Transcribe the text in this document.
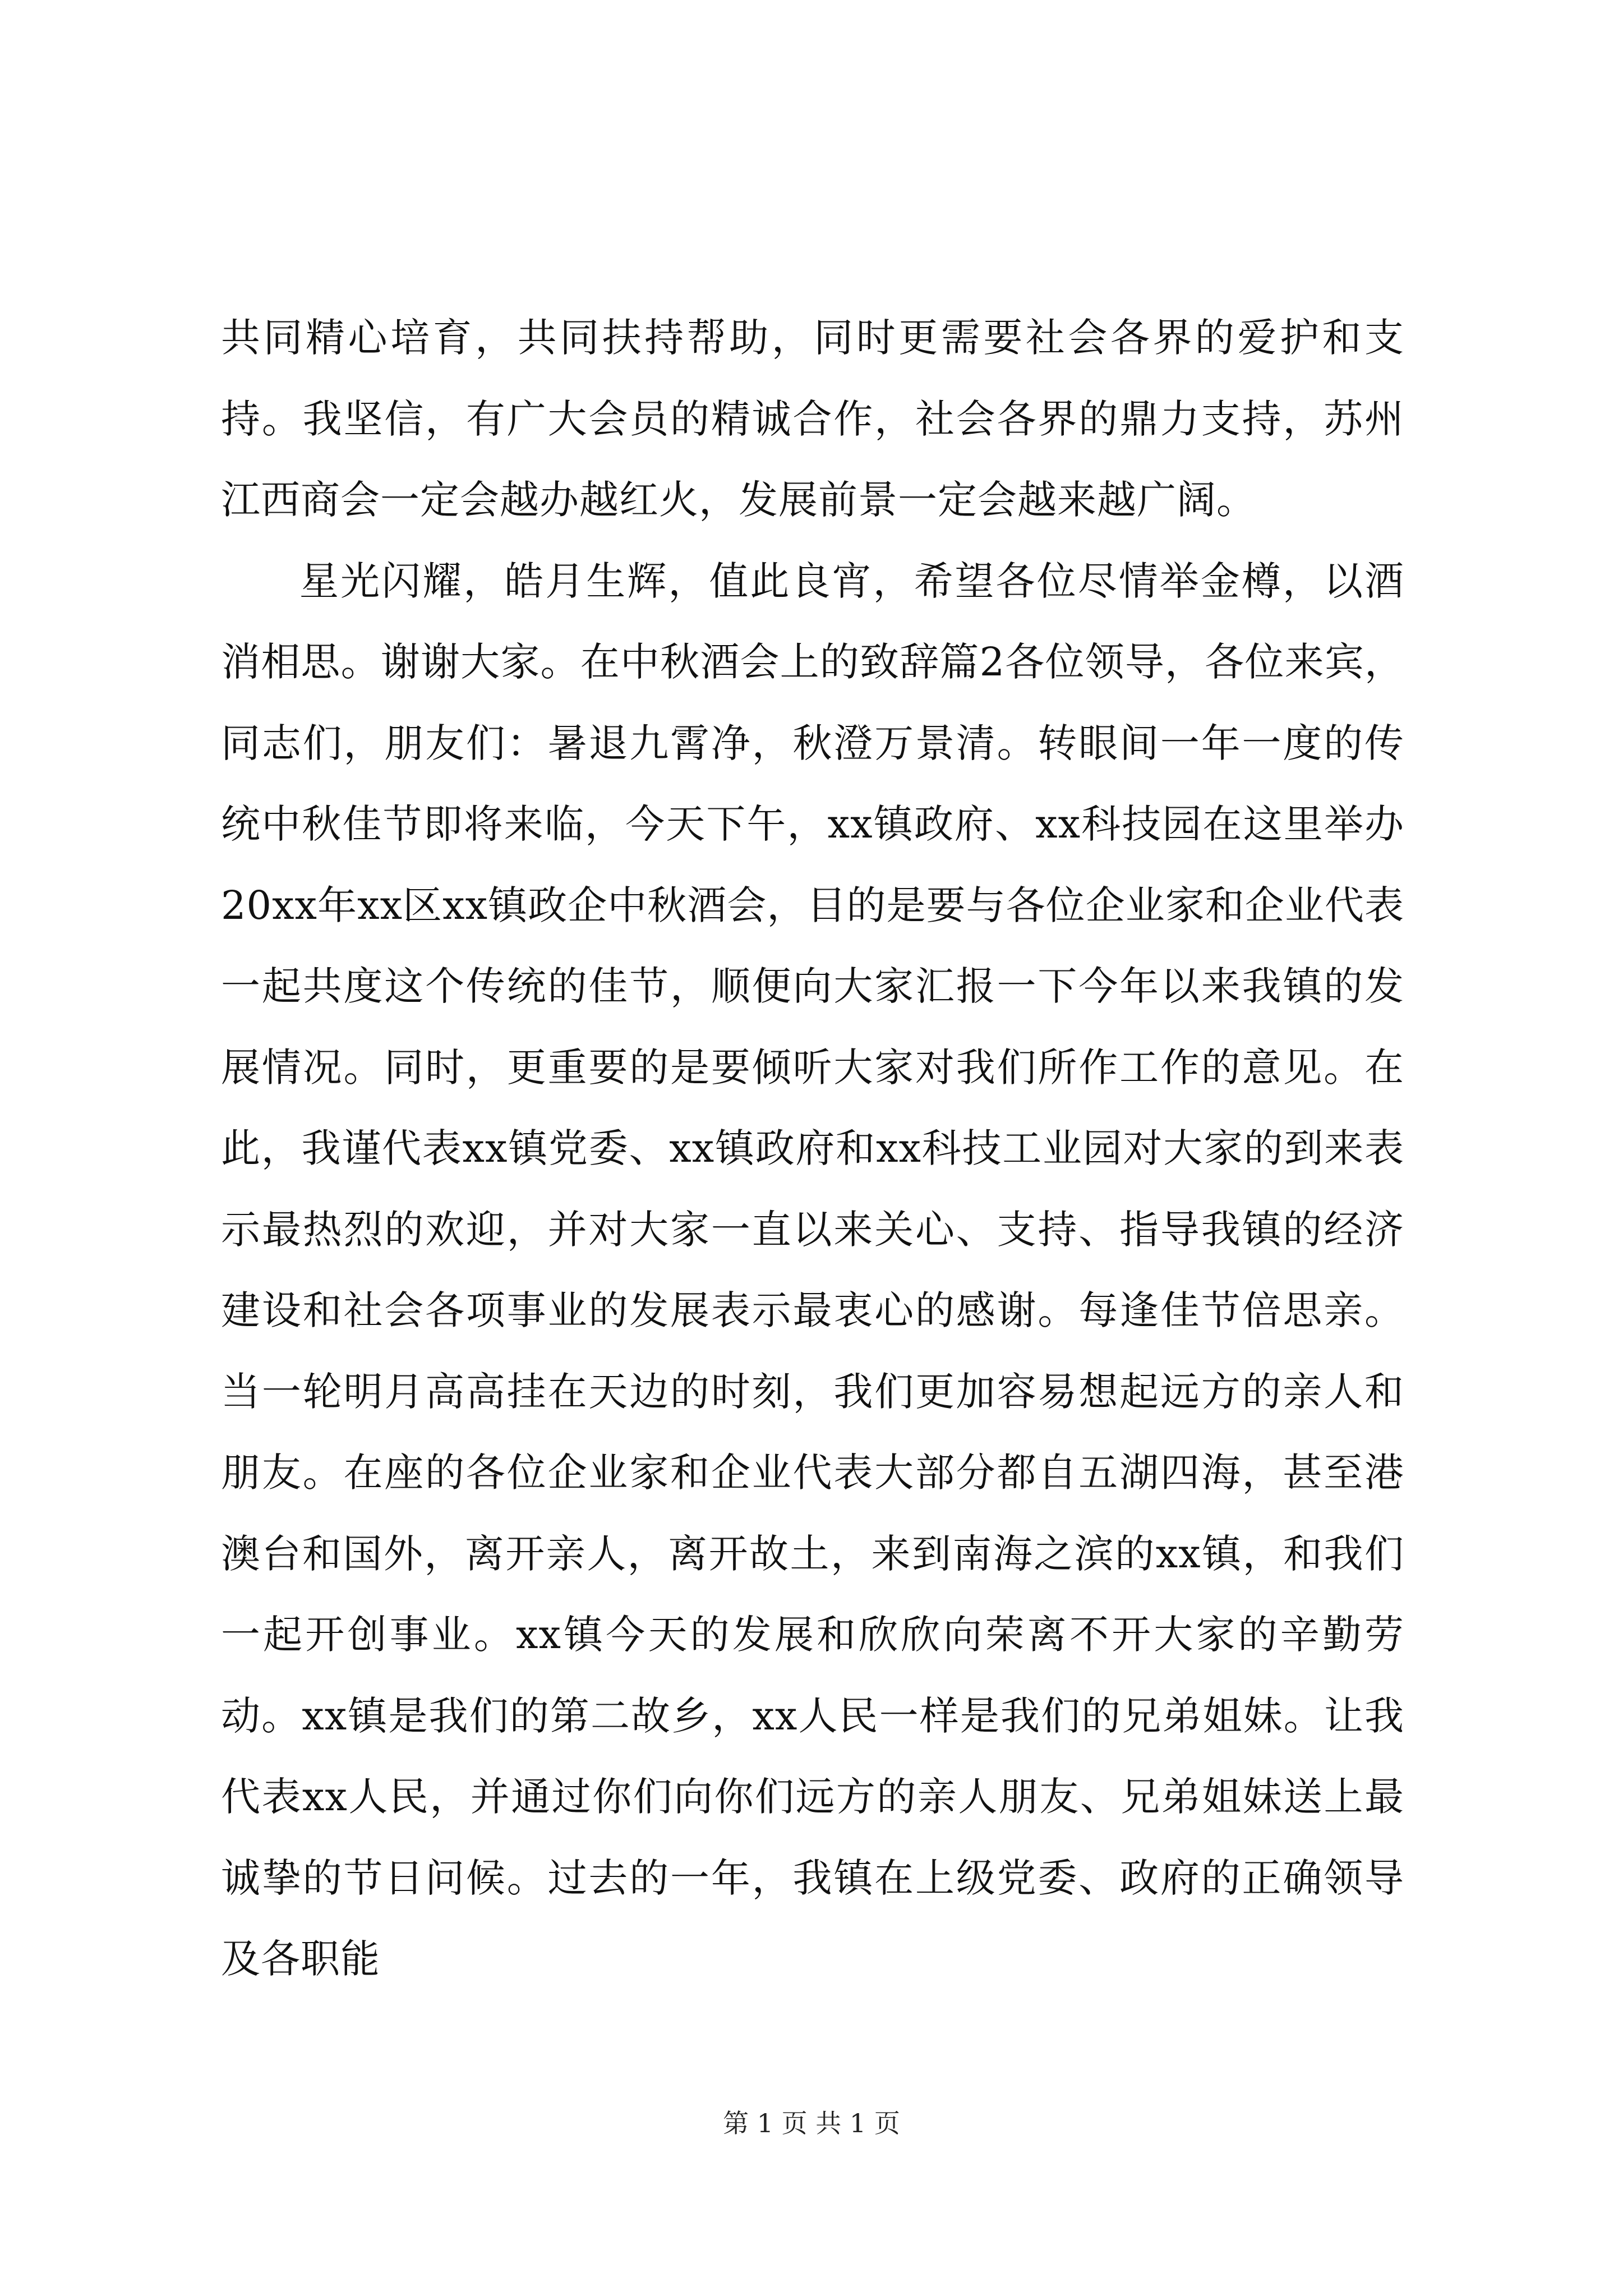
共同精心培育，共同扶持帮助，同时更需要社会各界的爱护和支持。我坚信，有广大会员的精诚合作，社会各界的鼎力支持，苏州江西商会一定会越办越红火，发展前景一定会越来越广阔。

星光闪耀，皓月生辉，值此良宵，希望各位尽情举金樽，以酒消相思。谢谢大家。在中秋酒会上的致辞篇2各位领导，各位来宾，同志们，朋友们：暑退九霄净，秋澄万景清。转眼间一年一度的传统中秋佳节即将来临，今天下午，xx镇政府、xx科技园在这里举办20xx年xx区xx镇政企中秋酒会，目的是要与各位企业家和企业代表一起共度这个传统的佳节，顺便向大家汇报一下今年以来我镇的发展情况。同时，更重要的是要倾听大家对我们所作工作的意见。在此，我谨代表xx镇党委、xx镇政府和xx科技工业园对大家的到来表示最热烈的欢迎，并对大家一直以来关心、支持、指导我镇的经济建设和社会各项事业的发展表示最衷心的感谢。每逢佳节倍思亲。当一轮明月高高挂在天边的时刻，我们更加容易想起远方的亲人和朋友。在座的各位企业家和企业代表大部分都自五湖四海，甚至港澳台和国外，离开亲人，离开故土，来到南海之滨的xx镇，和我们一起开创事业。xx镇今天的发展和欣欣向荣离不开大家的辛勤劳动。xx镇是我们的第二故乡，xx人民一样是我们的兄弟姐妹。让我代表xx人民，并通过你们向你们远方的亲人朋友、兄弟姐妹送上最诚挚的节日问候。过去的一年，我镇在上级党委、政府的正确领导及各职能

第 1 页 共 1 页
